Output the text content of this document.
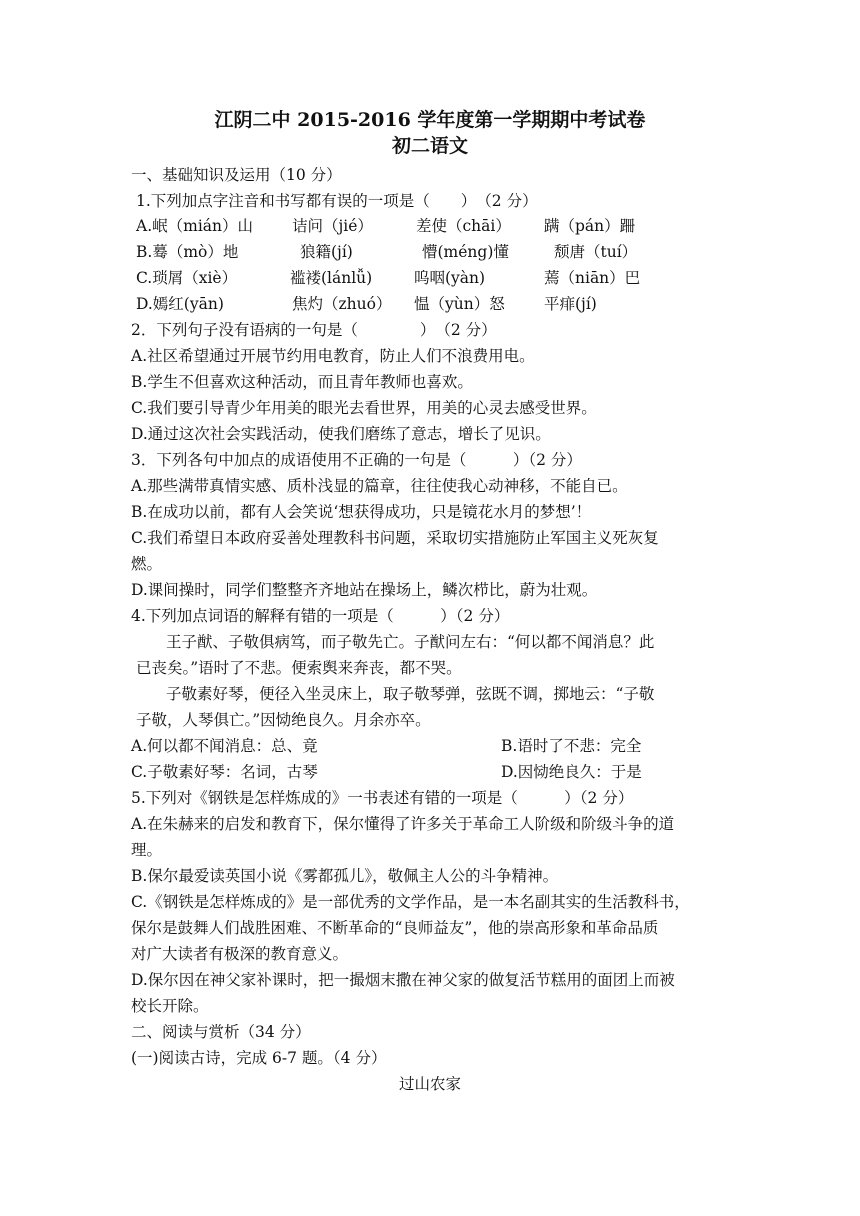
江阴二中 2015-2016 学年度第一学期期中考试卷
初二语文
一、基础知识及运用（10 分）
1.下列加点字注音和书写都有误的一项是（　　）　（2 分）
A.岷（mián）山	诘问（jié）	差使（chāi） 蹒（pán）跚
B.蓦（mò）地	狼籍(jí)	懵(méng)懂	颓唐（tuí）
C.琐屑（xiè）	褴褛(lánlǚ)	呜咽(yàn)	蔫（niān）巴
D.嫣红(yān)	焦灼（zhuó） 愠（yùn）怒	平痱(jí)
2．下列句子没有语病的一句是（　　　　）　（2 分）
A.社区希望通过开展节约用电教育，防止人们不浪费用电。
B.学生不但喜欢这种活动，而且青年教师也喜欢。
C.我们要引导青少年用美的眼光去看世界，用美的心灵去感受世界。
D.通过这次社会实践活动，使我们磨练了意志，增长了见识。
3．下列各句中加点的成语使用不正确的一句是（　　　）（2 分）
A.那些满带真情实感、质朴浅显的篇章，往往使我心动神移，不能自已。
B.在成功以前，都有人会笑说‘想获得成功，只是镜花水月的梦想’！
C.我们希望日本政府妥善处理教科书问题，采取切实措施防止军国主义死灰复
燃。
D.课间操时，同学们整整齐齐地站在操场上，鳞次栉比，蔚为壮观。
4.下列加点词语的解释有错的一项是（　　　）（2 分）
王子猷、子敬俱病笃，而子敬先亡。子猷问左右：“何以都不闻消息？此
已丧矣。”语时了不悲。便索舆来奔丧，都不哭。
子敬素好琴，便径入坐灵床上，取子敬琴弹，弦既不调，掷地云：“子敬
子敬，人琴俱亡。”因恸绝良久。月余亦卒。
A.何以都不闻消息：总、竟	B.语时了不悲：完全
C.子敬素好琴：名词，古琴	D.因恸绝良久：于是
5.下列对《钢铁是怎样炼成的》一书表述有错的一项是（　　　）（2 分）
A.在朱赫来的启发和教育下，保尔懂得了许多关于革命工人阶级和阶级斗争的道
理。
B.保尔最爱读英国小说《雾都孤儿》，敬佩主人公的斗争精神。
C.《钢铁是怎样炼成的》是一部优秀的文学作品，是一本名副其实的生活教科书，
保尔是鼓舞人们战胜困难、不断革命的“良师益友”，他的崇高形象和革命品质
对广大读者有极深的教育意义。
D.保尔因在神父家补课时，把一撮烟末撒在神父家的做复活节糕用的面团上而被
校长开除。
二、阅读与赏析（34 分）
(一)阅读古诗，完成 6-7 题。（4 分）
过山农家
